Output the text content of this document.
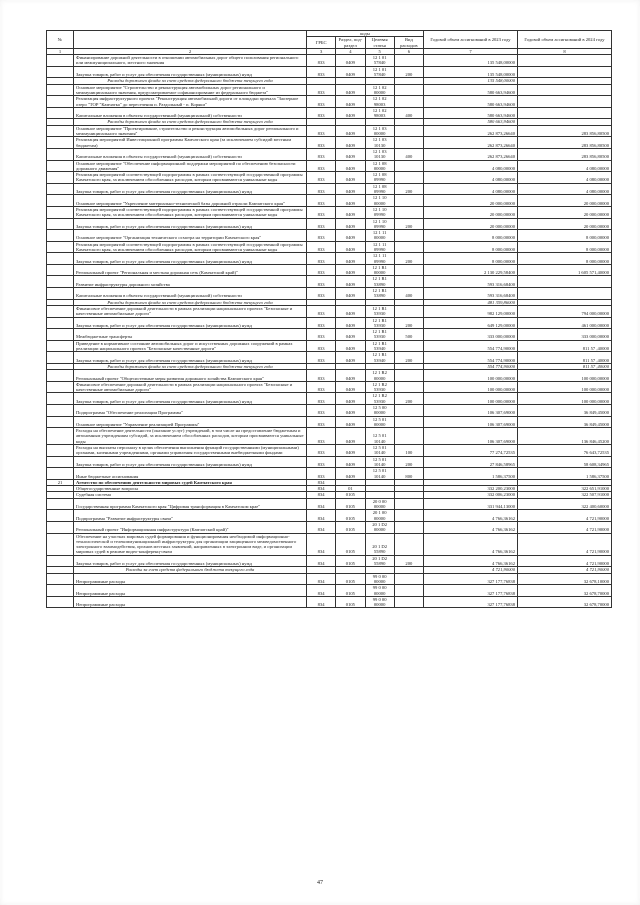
№		коды				Годовой объем ассигнований в 2023 году	Годовой объем ассигнований в 2024 году
		ГРБС	Раздел, под-раздел	Целевая статья	Вид расходов		
1	2	3	4	5	6	7	8
	Финансирование дорожной деятельности в отношении автомобильных дорог общего пользования регионального или межмуниципального, местного значения	833	0409	12 1 01 57840		135 548,00000	
	Закупка товаров, работ и услуг для обеспечения государственных (муниципальных) нужд	833	0409	12 1 01 57840	200	135 548,00000	
	Расходы дорожного фонда за счет средств федерального бюджета текущего года					135 548,00000	
	Основное мероприятие "Строительство и реконструкция автомобильных дорог регионального и межмуниципального значения, предусматриваемое софинансирование из федерального бюджета"	833	0409	12 1 02 00000		580 663,94600	
	Реализация инфраструктурного проекта "Реконструкция автомобильной дороги от площадки причала "Заозерное озеро "ТОР "Камчатка" до пересечения п. Раздольный - п. Коряки"	833	0409	12 1 02 98003		580 663,94600	
	Капитальные вложения в объекты государственной (муниципальной) собственности	833	0409	12 1 02 98003	400	580 663,94600	
	Расходы дорожного фонда за счет средств федерального бюджета текущего года					580 663,94600	
	Основное мероприятие "Проектирование, строительство и реконструкция автомобильных дорог регионального и межмуниципального значения"	833	0409	12 1 03 00000		262 873,26640	283 856,80500
	Реализация мероприятий Инвестиционной программы Камчатского края (за исключением субсидий местным бюджетам)	833	0409	12 1 03 10130		262 873,26640	283 856,80500
	Капитальные вложения в объекты государственной (муниципальной) собственности	833	0409	12 1 03 10130	400	262 873,26640	283 856,80500
	Основное мероприятие "Обеспечение информационной поддержки мероприятий по обеспечению безопасности дорожного движения"	833	0409	12 1 08 00000		4 080,00000	4 080,00000
	Реализация мероприятий соответствующей подпрограммы в рамках соответствующей государственной программы Камчатского края, за исключением обособленных расходов, которым присваиваются уникальные коды	833	0409	12 1 08 09990		4 080,00000	4 080,00000
	Закупка товаров, работ и услуг для обеспечения государственных (муниципальных) нужд	833	0409	12 1 08 09990	200	4 080,00000	4 080,00000
	Основное мероприятие "Укрепление материально-технической базы дорожной отрасли Камчатского края"	833	0409	12 1 10 00000		20 000,00000	20 000,00000
	Реализация мероприятий соответствующей подпрограммы в рамках соответствующей государственной программы Камчатского края, за исключением обособленных расходов, которым присваиваются уникальные коды	833	0409	12 1 10 09990		20 000,00000	20 000,00000
	Закупка товаров, работ и услуг для обеспечения государственных (муниципальных) нужд	833	0409	12 1 10 09990	200	20 000,00000	20 000,00000
	Основное мероприятие "Организация технического осмотра на территории Камчатского края"	833	0409	12 1 11 00000		8 000,00000	8 000,00000
	Реализация мероприятий соответствующей подпрограммы в рамках соответствующей государственной программы Камчатского края, за исключением обособленных расходов, которым присваиваются уникальные коды	833	0409	12 1 11 09990		8 000,00000	8 000,00000
	Закупка товаров, работ и услуг для обеспечения государственных (муниципальных) нужд	833	0409	12 1 11 09990	200	8 000,00000	8 000,00000
	Региональный проект "Региональная и местная дорожная сеть (Камчатский край)"	833	0409	12 1 R1 00000		2 130 229,58400	1 605 571,40000
	Развитие инфраструктуры дорожного хозяйства	833	0409	12 1 R1 53890		593 316,68400	
	Капитальные вложения в объекты государственной (муниципальной) собственности	833	0409	12 1 R1 53890	400	593 316,68400	
	Расходы дорожного фонда за счет средств федерального бюджета текущего года					481 359,86000	
	Финансовое обеспечение дорожной деятельности в рамках реализации национального проекта "Безопасные и качественные автомобильные дороги"	833	0409	12 1 R1 53930		982 129,00000	794 000,00000
	Закупка товаров, работ и услуг для обеспечения государственных (муниципальных) нужд	833	0409	12 1 R1 53930	200	649 129,00000	461 000,00000
	Межбюджетные трансферты	833	0409	12 1 R1 53930	500	333 000,00000	333 000,00000
	Приведение в нормативное состояние автомобильных дорог и искусственных дорожных сооружений в рамках реализации национального проекта "Безопасные качественные дороги"	833	0409	12 1 R1 53940		554 774,90000	811 57 ,40000
	Закупка товаров, работ и услуг для обеспечения государственных (муниципальных) нужд	833	0409	12 1 R1 53940	200	554 774,90000	811 57 ,40000
	Расходы дорожного фонда за счет средств федерального бюджета текущего года					554 774,90000	811 57 ,40000
	Региональный проект "Общесистемные меры развития дорожного хозяйства Камчатского края"	833	0409	12 1 R2 00000		100 000,00000	100 000,00000
	Финансовое обеспечение дорожной деятельности в рамках реализации национального проекта "Безопасные и качественные автомобильные дороги"	833	0409	12 1 R2 53930		100 000,00000	100 000,00000
	Закупка товаров, работ и услуг для обеспечения государственных (муниципальных) нужд	833	0409	12 1 R2 53930	200	100 000,00000	100 000,00000
	Подпрограмма "Обеспечение реализации Программы"	833	0409	12 5 00 00000		106 307,69000	36 849,45000
	Основное мероприятие "Управление реализацией Программы"	833	0409	12 5 01 00000		106 307,69000	36 849,45000
	Расходы на обеспечение деятельности (оказание услуг) учреждений, в том числе на предоставление бюджетным и автономным учреждениям субсидий, за исключением обособленных расходов, которым присваиваются уникальные коды	833	0409	12 5 01 10140		106 307,69000	136 846,45200
	Расходы на выплаты персоналу в целях обеспечения выполнения функций государственными (муниципальными) органами, казенными учреждениями, органами управления государственными внебюджетными фондами	833	0409	12 5 01 10140	100	77 274,72535	76 643,72535
	Закупка товаров, работ и услуг для обеспечения государственных (муниципальных) нужд	833	0409	12 5 01 10140	200	27 846,58965	58 608,34965
	Иные бюджетные ассигнования	833	0409	12 5 01 10140	800	1 586,37500	1 586,37500
21	Агентство по обеспечению деятельности мировых судей Камчатского края	834					
	Общегосударственные вопросы	834	01			332 200,23000	322 651,91000
	Судебная система	834	0105			332 006,23000	322 507,91000
	Государственная программа Камчатского края "Цифровая трансформация в Камчатском крае"	834	0105	20 0 00 00000		331 944,13000	322 400,60000
	Подпрограмма "Развитие инфраструктуры связи"	834	0105	20 1 00 00000		4 766,36162	4 721,90000
	Региональный проект "Информационная инфраструктура (Камчатский край)"	834	0105	20 1 D2 00000		4 766,36162	4 721,90000
	Обеспечение на участках мировых судей формирования и функционирования необходимой информационно-технологической и телекоммуникационной инфраструктуры для организации защищенного межведомственного электронного взаимодействия, органов местных заявлений, направленных в электронном виде, и организации мировых судей в режиме видео-конференц-связи	834	0105	20 1 D2 55890		4 766,36162	4 721,90000
	Закупка товаров, работ и услуг для обеспечения государственных (муниципальных) нужд	834	0105	20 1 D2 55890	200	4 766,36162	4 721,90000
	Расходы за счет средств федерального бюджета текущего года					4 721,90000	4 721,90000
	Непрограммные расходы	834	0105	99 0 00 00000		327 177,76838	32 678,10000
	Непрограммные расходы	834	0105	99 0 00 00000		327 177,76838	32 678,70000
	Непрограммные расходы	834	0105	99 0 00 00000		327 177,76838	32 678,70000
47
